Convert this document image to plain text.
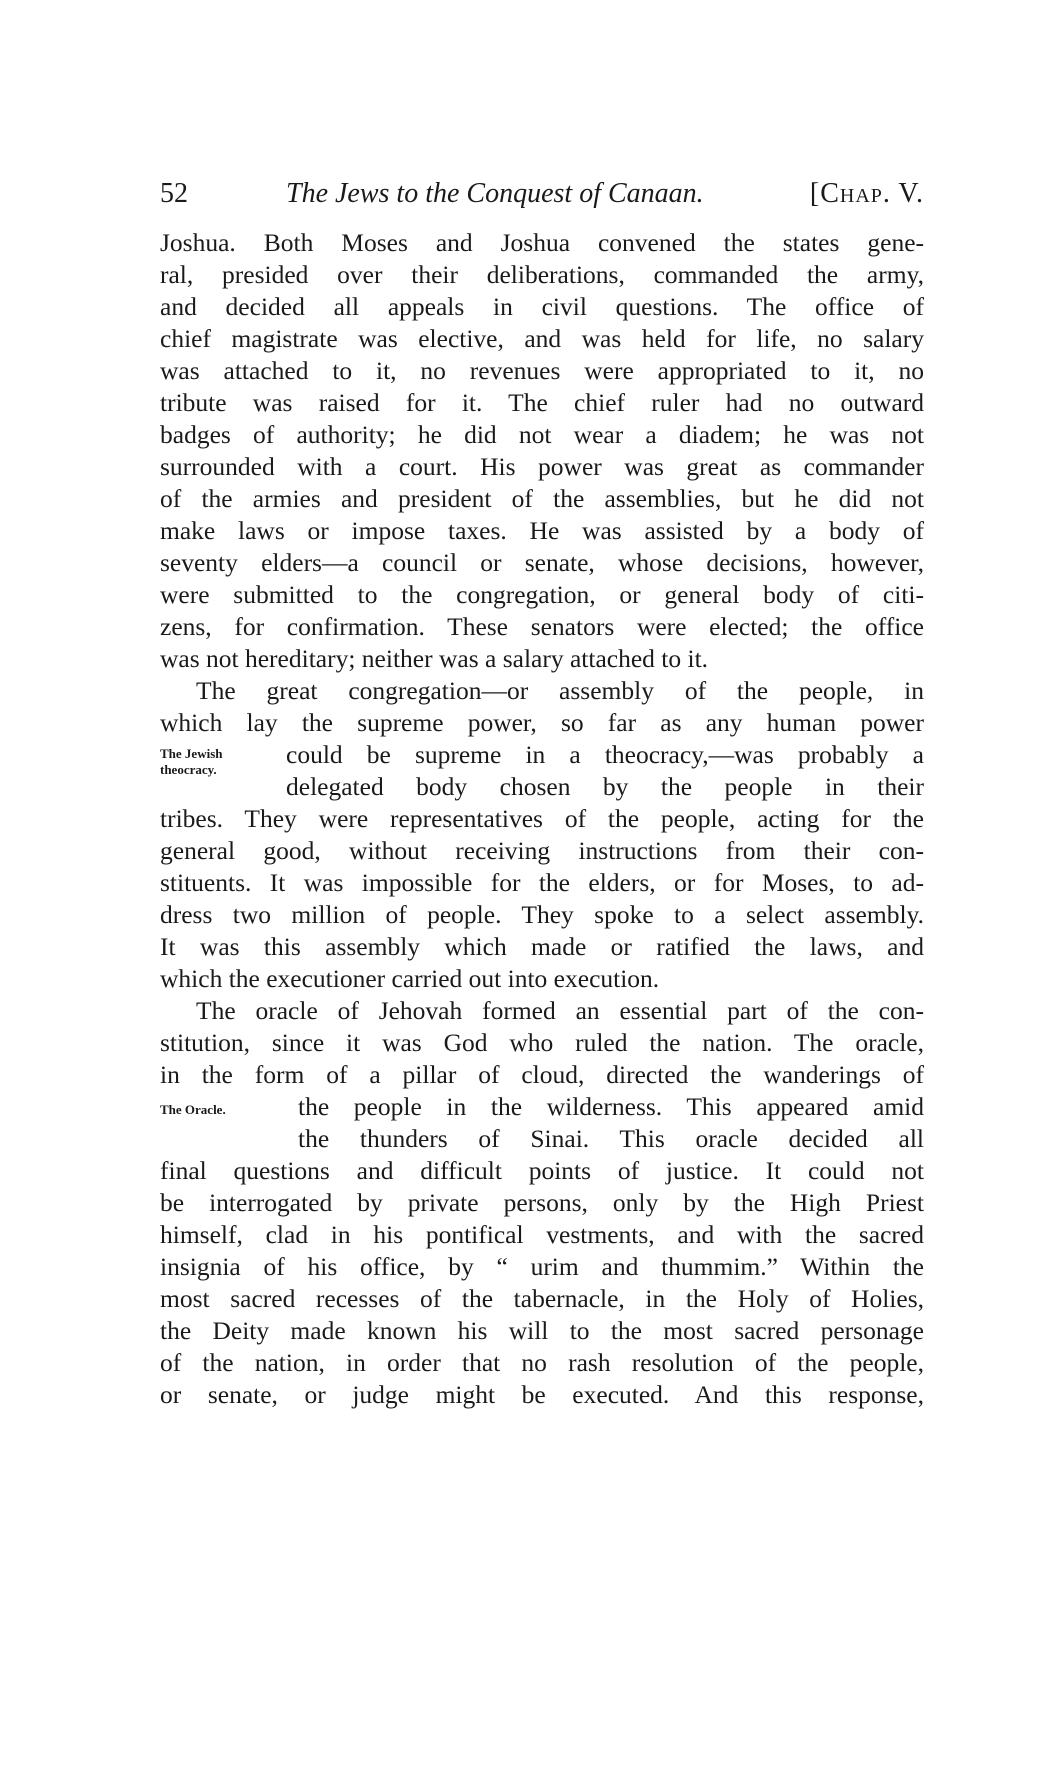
52	The Jews to the Conquest of Canaan.	[Chap. V.
Joshua. Both Moses and Joshua convened the states gene-
ral, presided over their deliberations, commanded the army,
and decided all appeals in civil questions. The office of
chief magistrate was elective, and was held for life, no salary
was attached to it, no revenues were appropriated to it, no
tribute was raised for it. The chief ruler had no outward
badges of authority; he did not wear a diadem; he was not
surrounded with a court. His power was great as commander
of the armies and president of the assemblies, but he did not
make laws or impose taxes. He was assisted by a body of
seventy elders—a council or senate, whose decisions, however,
were submitted to the congregation, or general body of citi-
zens, for confirmation. These senators were elected; the office
was not hereditary; neither was a salary attached to it.
The great congregation—or assembly of the people, in
which lay the supreme power, so far as any human power
The Jewish
theocracy.
could be supreme in a theocracy,—was probably a
delegated body chosen by the people in their
tribes. They were representatives of the people, acting for the
general good, without receiving instructions from their con-
stituents. It was impossible for the elders, or for Moses, to ad-
dress two million of people. They spoke to a select assembly.
It was this assembly which made or ratified the laws, and
which the executioner carried out into execution.
The oracle of Jehovah formed an essential part of the con-
stitution, since it was God who ruled the nation. The oracle,
in the form of a pillar of cloud, directed the wanderings of
The Oracle.	the people in the wilderness. This appeared amid
the thunders of Sinai. This oracle decided all
final questions and difficult points of justice. It could not
be interrogated by private persons, only by the High Priest
himself, clad in his pontifical vestments, and with the sacred
insignia of his office, by “ urim and thummim.” Within the
most sacred recesses of the tabernacle, in the Holy of Holies,
the Deity made known his will to the most sacred personage
of the nation, in order that no rash resolution of the people,
or senate, or judge might be executed. And this response,
